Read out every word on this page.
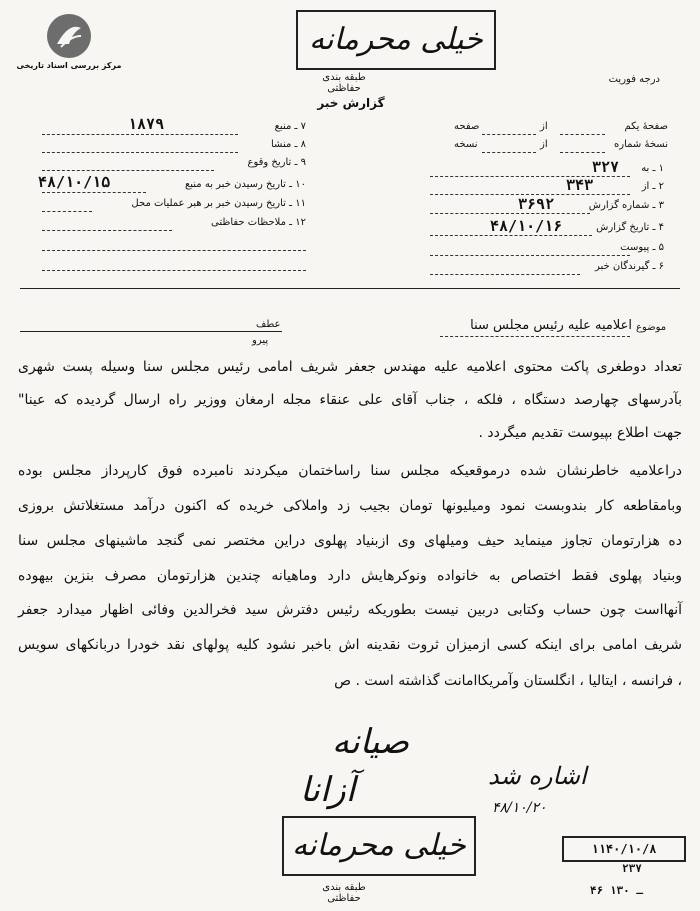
مرکز بررسی اسناد تاریخی
خیلی محرمانه
طبقه بندی حفاظتی
گزارش خبر
درجه فوریت
صفحهٔ یکم
از
صفحه
نسخهٔ شماره
از
نسخه
۱ ـ به
۳۲۷
۲ ـ از
۳۴۳
۳ ـ شماره گزارش
۳۶۹۲
۴ ـ تاریخ گزارش
۴۸/۱۰/۱۶
۵ ـ پیوست
۶ ـ گیرندگان خبر
۷ ـ منبع
۱۸۷۹
۸ ـ منشا
۹ ـ تاریخ وقوع
۱۰ ـ تاریخ رسیدن خبر به منبع
۴۸/۱۰/۱۵
۱۱ ـ تاریخ رسیدن خبر بر هبر عملیات محل
۱۲ ـ ملاحظات حفاظتی
موضوع
اعلامیه علیه رئیس مجلس سنا
عطف
پیرو
تعداد دوطغری پاکت محتوی اعلامیه علیه مهندس جعفر شریف امامی رئیس مجلس سنا وسیله پست شهری
بآدرسهای چهارصد دستگاه ، فلکه ، جناب آقای علی عنقاء مجله ارمغان ووزیر راه ارسال گردیده که عینا"
جهت اطلاع بپیوست تقدیم میگردد .
دراعلامیه خاطرنشان شده درموقعیکه مجلس سنا راساختمان میکردند نامبرده فوق کارپرداز مجلس بوده
وبامقاطعه کار بندوبست نمود ومیلیونها تومان بجیب زد واملاکی خریده که اکنون درآمد مستغلاتش بروزی
ده هزارتومان تجاوز مینماید حیف ومیلهای وی ازبنیاد پهلوی دراین مختصر نمی گنجد ماشینهای مجلس سنا
وبنیاد پهلوی فقط اختصاص به خانواده ونوکرهایش دارد وماهیانه چندین هزارتومان مصرف بنزین بیهوده
آنهااست چون حساب وکتابی دربین نیست بطوریکه رئیس دفترش سید فخرالدین وفائی اظهار میدارد جعفر
شریف امامی برای اینکه کسی ازمیزان ثروت نقدینه اش باخبر نشود کلیه پولهای نقد خودرا دربانکهای سویس
، فرانسه ، ایتالیا ، انگلستان وآمریکاامانت گذاشته است . ص
صیانه
آزانا	اشاره شد
۴۸/۱۰/۲۰
خیلی محرمانه
طبقه بندی حفاظتی
۱۱۴۰/۱۰/۸
۲۳۷
۴۶ ـ ۱۳۰
